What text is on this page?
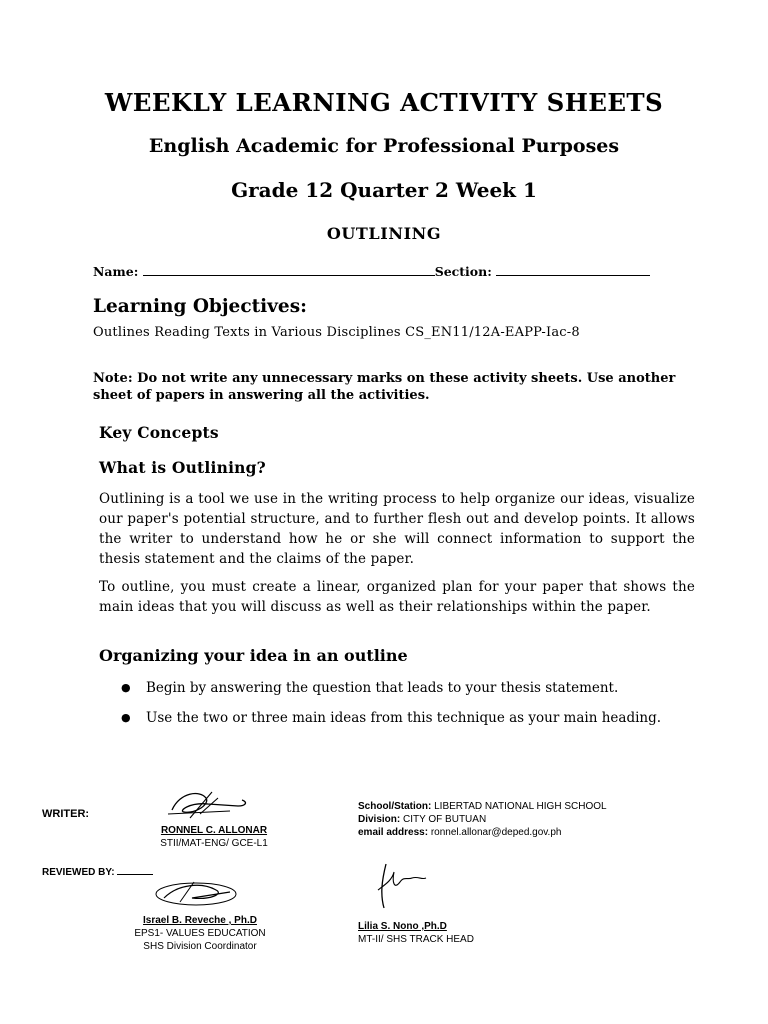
WEEKLY LEARNING ACTIVITY SHEETS
English Academic for Professional Purposes
Grade 12 Quarter 2 Week 1
OUTLINING
Name:	Section:
Learning Objectives:
Outlines Reading Texts in Various Disciplines CS_EN11/12A-EAPP-Iac-8
Note: Do not write any unnecessary marks on these activity sheets. Use another sheet of papers in answering all the activities.
Key Concepts
What is Outlining?
Outlining is a tool we use in the writing process to help organize our ideas, visualize our paper's potential structure, and to further flesh out and develop points. It allows the writer to understand how he or she will connect information to support the thesis statement and the claims of the paper.
To outline, you must create a linear, organized plan for your paper that shows the main ideas that you will discuss as well as their relationships within the paper.
Organizing your idea in an outline
● Begin by answering the question that leads to your thesis statement.
● Use the two or three main ideas from this technique as your main heading.
WRITER:
RONNEL C. ALLONAR
STII/MAT-ENG/ GCE-L1
School/Station: LIBERTAD NATIONAL HIGH SCHOOL
Division: CITY OF BUTUAN
email address: ronnel.allonar@deped.gov.ph
REVIEWED BY:
Israel B. Reveche , Ph.D
EPS1- VALUES EDUCATION
SHS Division Coordinator
Lilia S. Nono ,Ph.D
MT-II/ SHS TRACK HEAD
